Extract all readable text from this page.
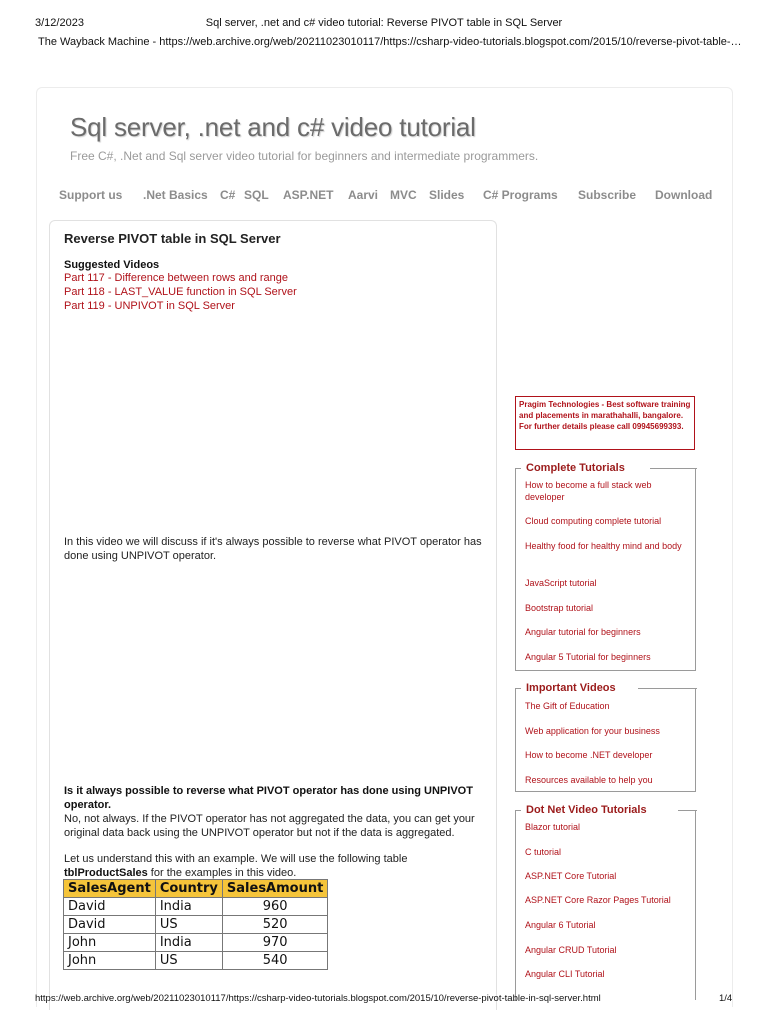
3/12/2023	Sql server, .net and c# video tutorial: Reverse PIVOT table in SQL Server
The Wayback Machine - https://web.archive.org/web/20211023010117/https://csharp-video-tutorials.blogspot.com/2015/10/reverse-pivot-table-…
Sql server, .net and c# video tutorial
Free C#, .Net and Sql server video tutorial for beginners and intermediate programmers.
Support us .Net Basics C# SQL ASP.NET Aarvi MVC Slides C# Programs Subscribe Download
Reverse PIVOT table in SQL Server
Suggested Videos
Part 117 - Difference between rows and range
Part 118 - LAST_VALUE function in SQL Server
Part 119 - UNPIVOT in SQL Server
In this video we will discuss if it's always possible to reverse what PIVOT operator has
done using UNPIVOT operator.
Is it always possible to reverse what PIVOT operator has done using UNPIVOT
operator.
No, not always. If the PIVOT operator has not aggregated the data, you can get your
original data back using the UNPIVOT operator but not if the data is aggregated.
Let us understand this with an example. We will use the following table
tblProductSales for the examples in this video.
SalesAgent	Country	SalesAmount
David	India	960
David	US	520
John	India	970
John	US	540
Pragim Technologies - Best software training and placements in marathahalli, bangalore. For further details please call 09945699393.
Complete Tutorials
How to become a full stack web developer
Cloud computing complete tutorial
Healthy food for healthy mind and body
JavaScript tutorial
Bootstrap tutorial
Angular tutorial for beginners
Angular 5 Tutorial for beginners
Important Videos
The Gift of Education
Web application for your business
How to become .NET developer
Resources available to help you
Dot Net Video Tutorials
Blazor tutorial
C tutorial
ASP.NET Core Tutorial
ASP.NET Core Razor Pages Tutorial
Angular 6 Tutorial
Angular CRUD Tutorial
Angular CLI Tutorial
https://web.archive.org/web/20211023010117/https://csharp-video-tutorials.blogspot.com/2015/10/reverse-pivot-table-in-sql-server.html	1/4
